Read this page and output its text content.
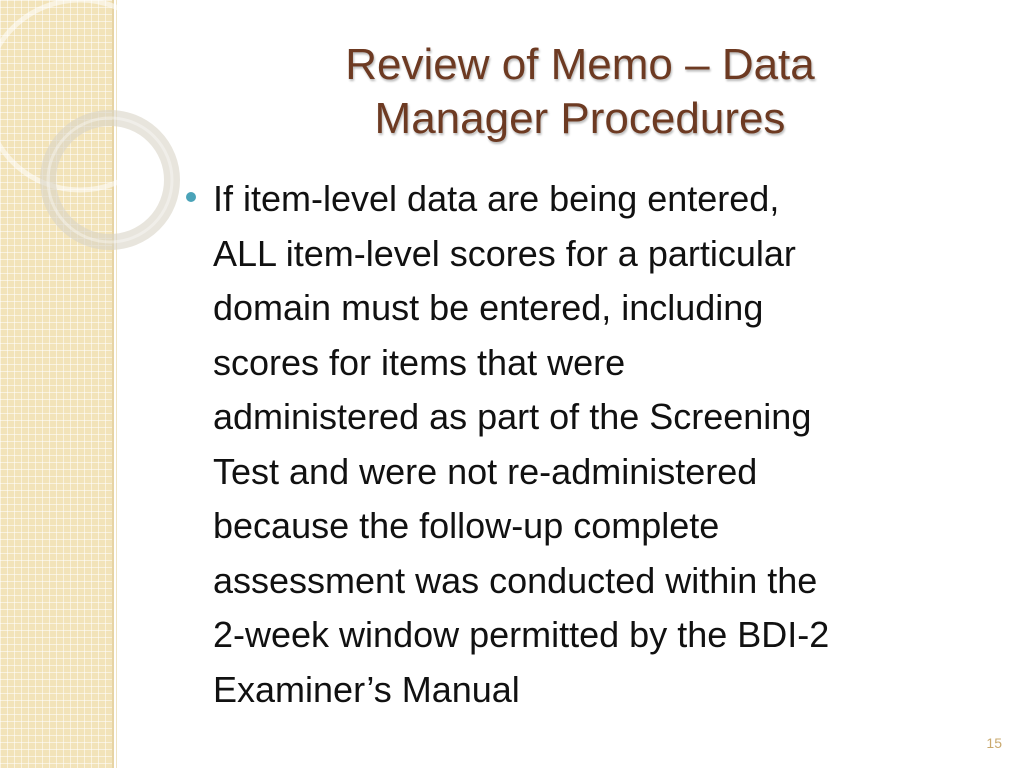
Review of Memo – Data
Manager Procedures
If item-level data are being entered,
ALL item-level scores for a particular
domain must be entered, including
scores for items that were
administered as part of the Screening
Test and were not re-administered
because the follow-up complete
assessment was conducted within the
2-week window permitted by the BDI-2
Examiner’s Manual
15
